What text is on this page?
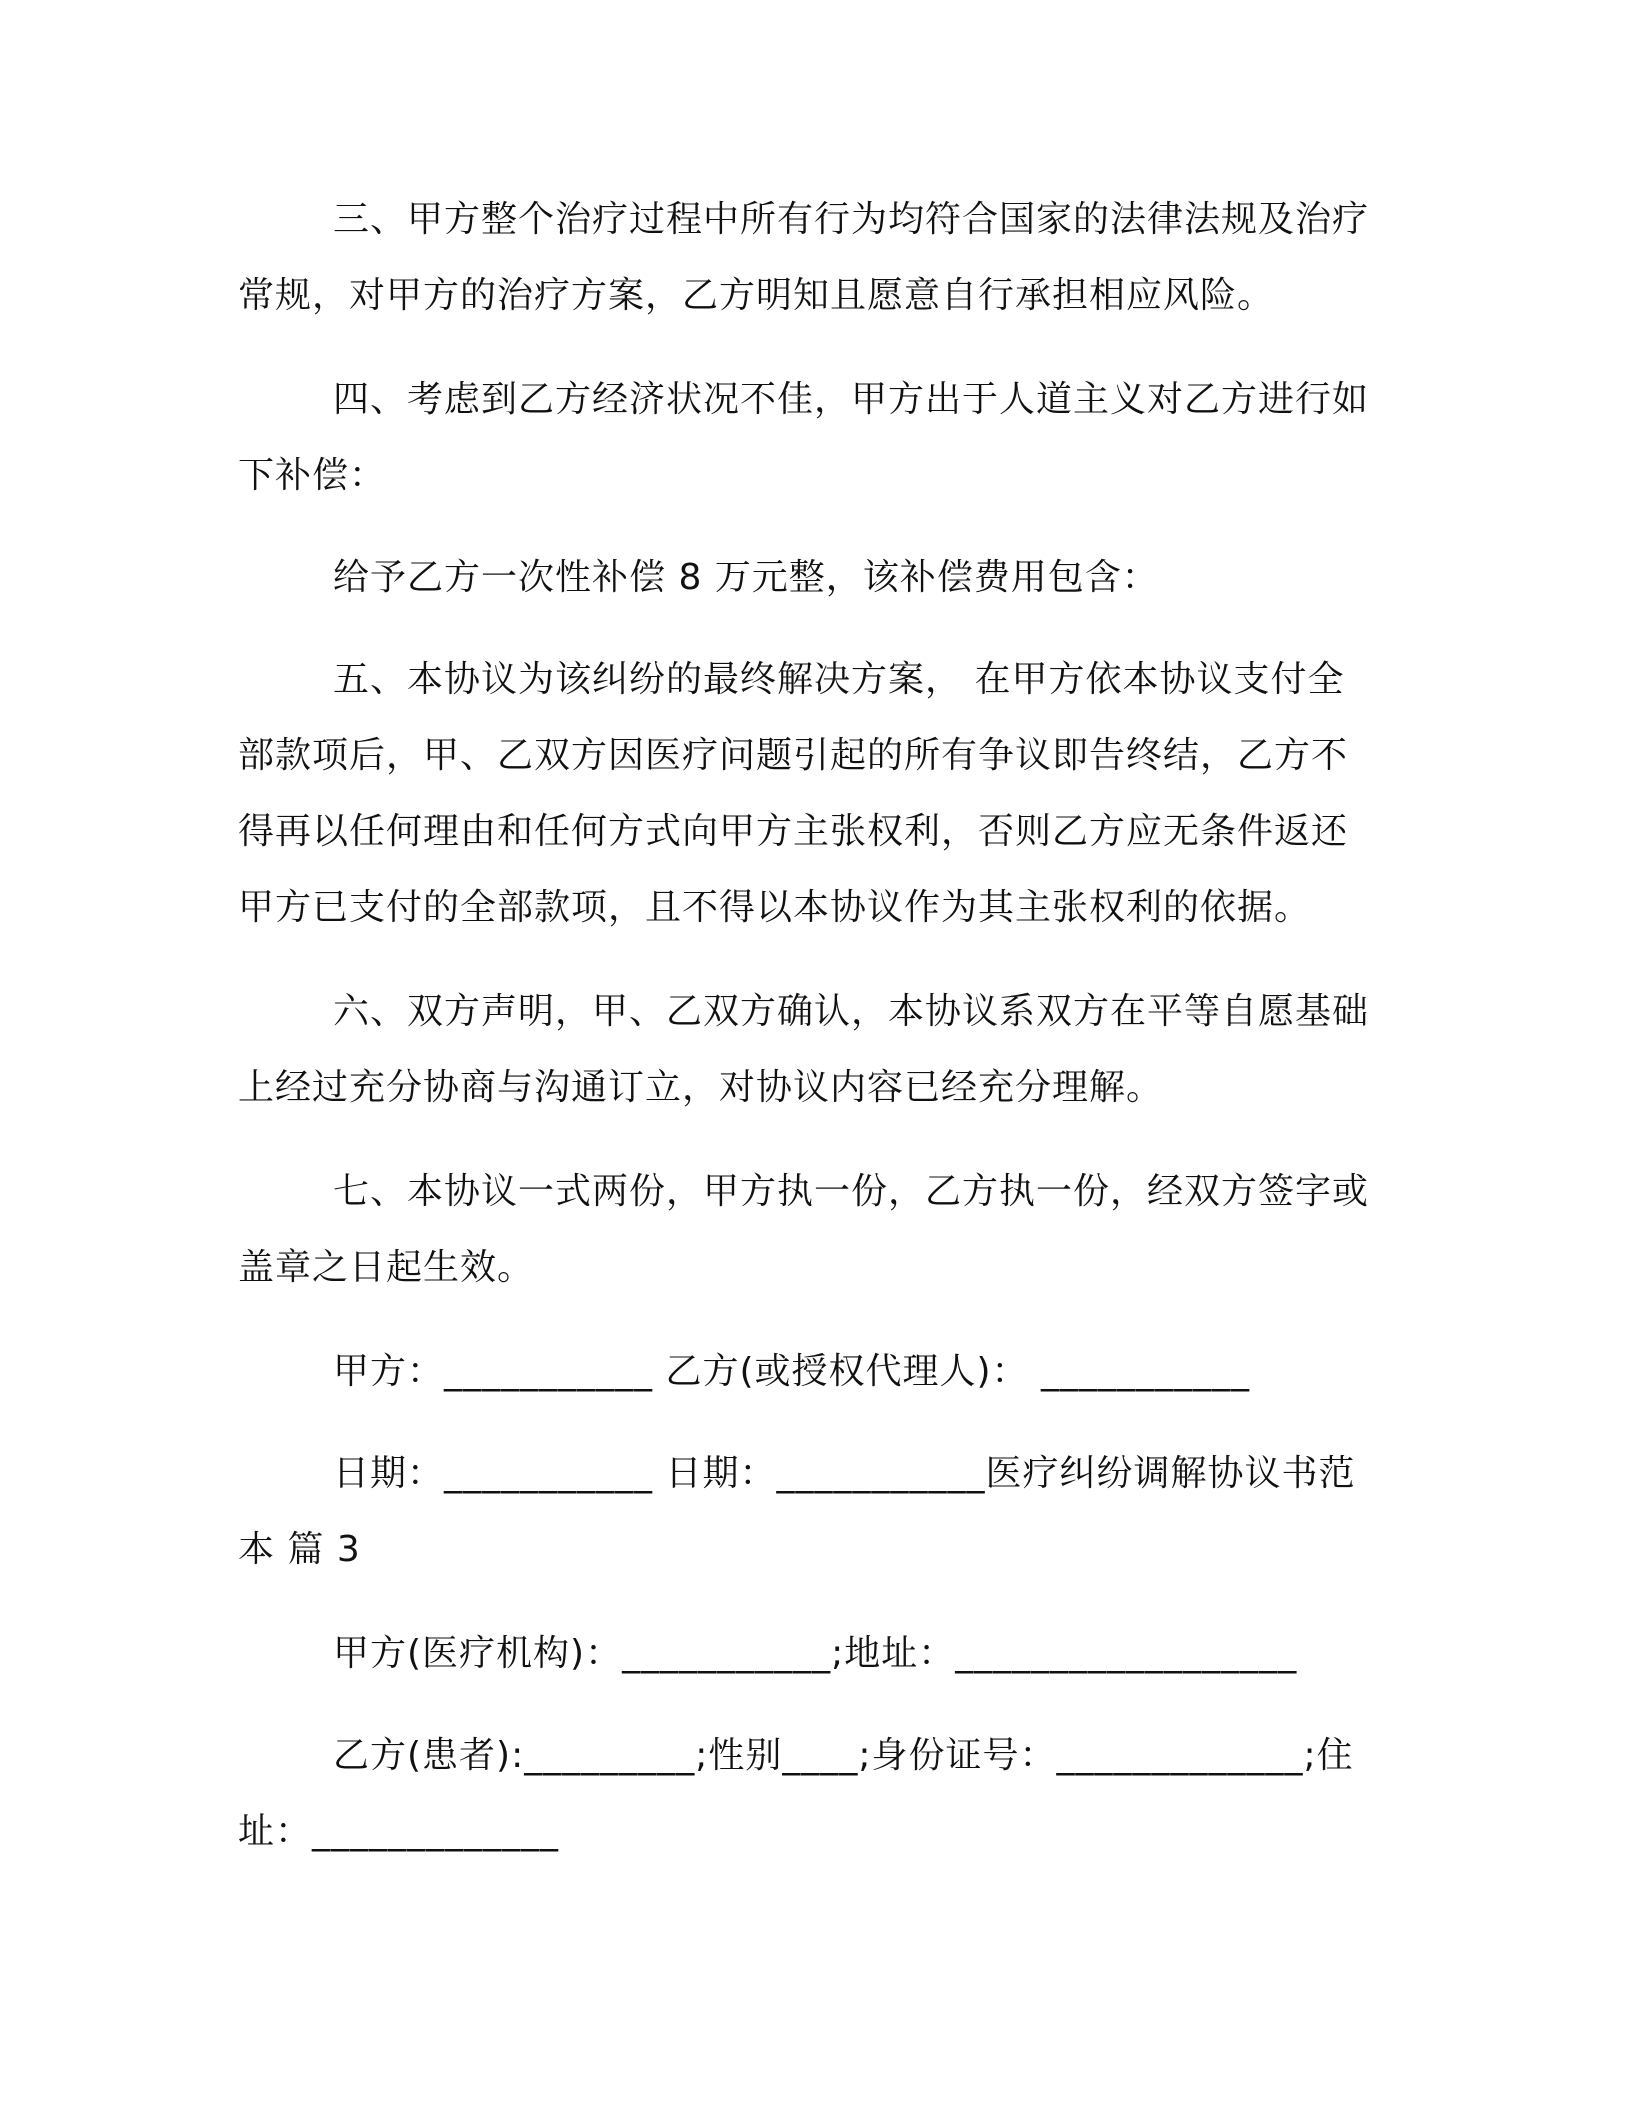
三、甲方整个治疗过程中所有行为均符合国家的法律法规及治疗常规，对甲方的治疗方案，乙方明知且愿意自行承担相应风险。

四、考虑到乙方经济状况不佳，甲方出于人道主义对乙方进行如下补偿：

给予乙方一次性补偿 8 万元整，该补偿费用包含：

五、本协议为该纠纷的最终解决方案， 在甲方依本协议支付全部款项后，甲、乙双方因医疗问题引起的所有争议即告终结，乙方不得再以任何理由和任何方式向甲方主张权利，否则乙方应无条件返还甲方已支付的全部款项，且不得以本协议作为其主张权利的依据。

六、双方声明，甲、乙双方确认，本协议系双方在平等自愿基础上经过充分协商与沟通订立，对协议内容已经充分理解。

七、本协议一式两份，甲方执一份，乙方执一份，经双方签字或盖章之日起生效。

甲方：___________ 乙方(或授权代理人)： ___________

日期：___________ 日期：___________医疗纠纷调解协议书范本 篇 3

甲方(医疗机构)：___________;地址：__________________

乙方(患者):_________;性别____;身份证号：_____________;住址：_____________
